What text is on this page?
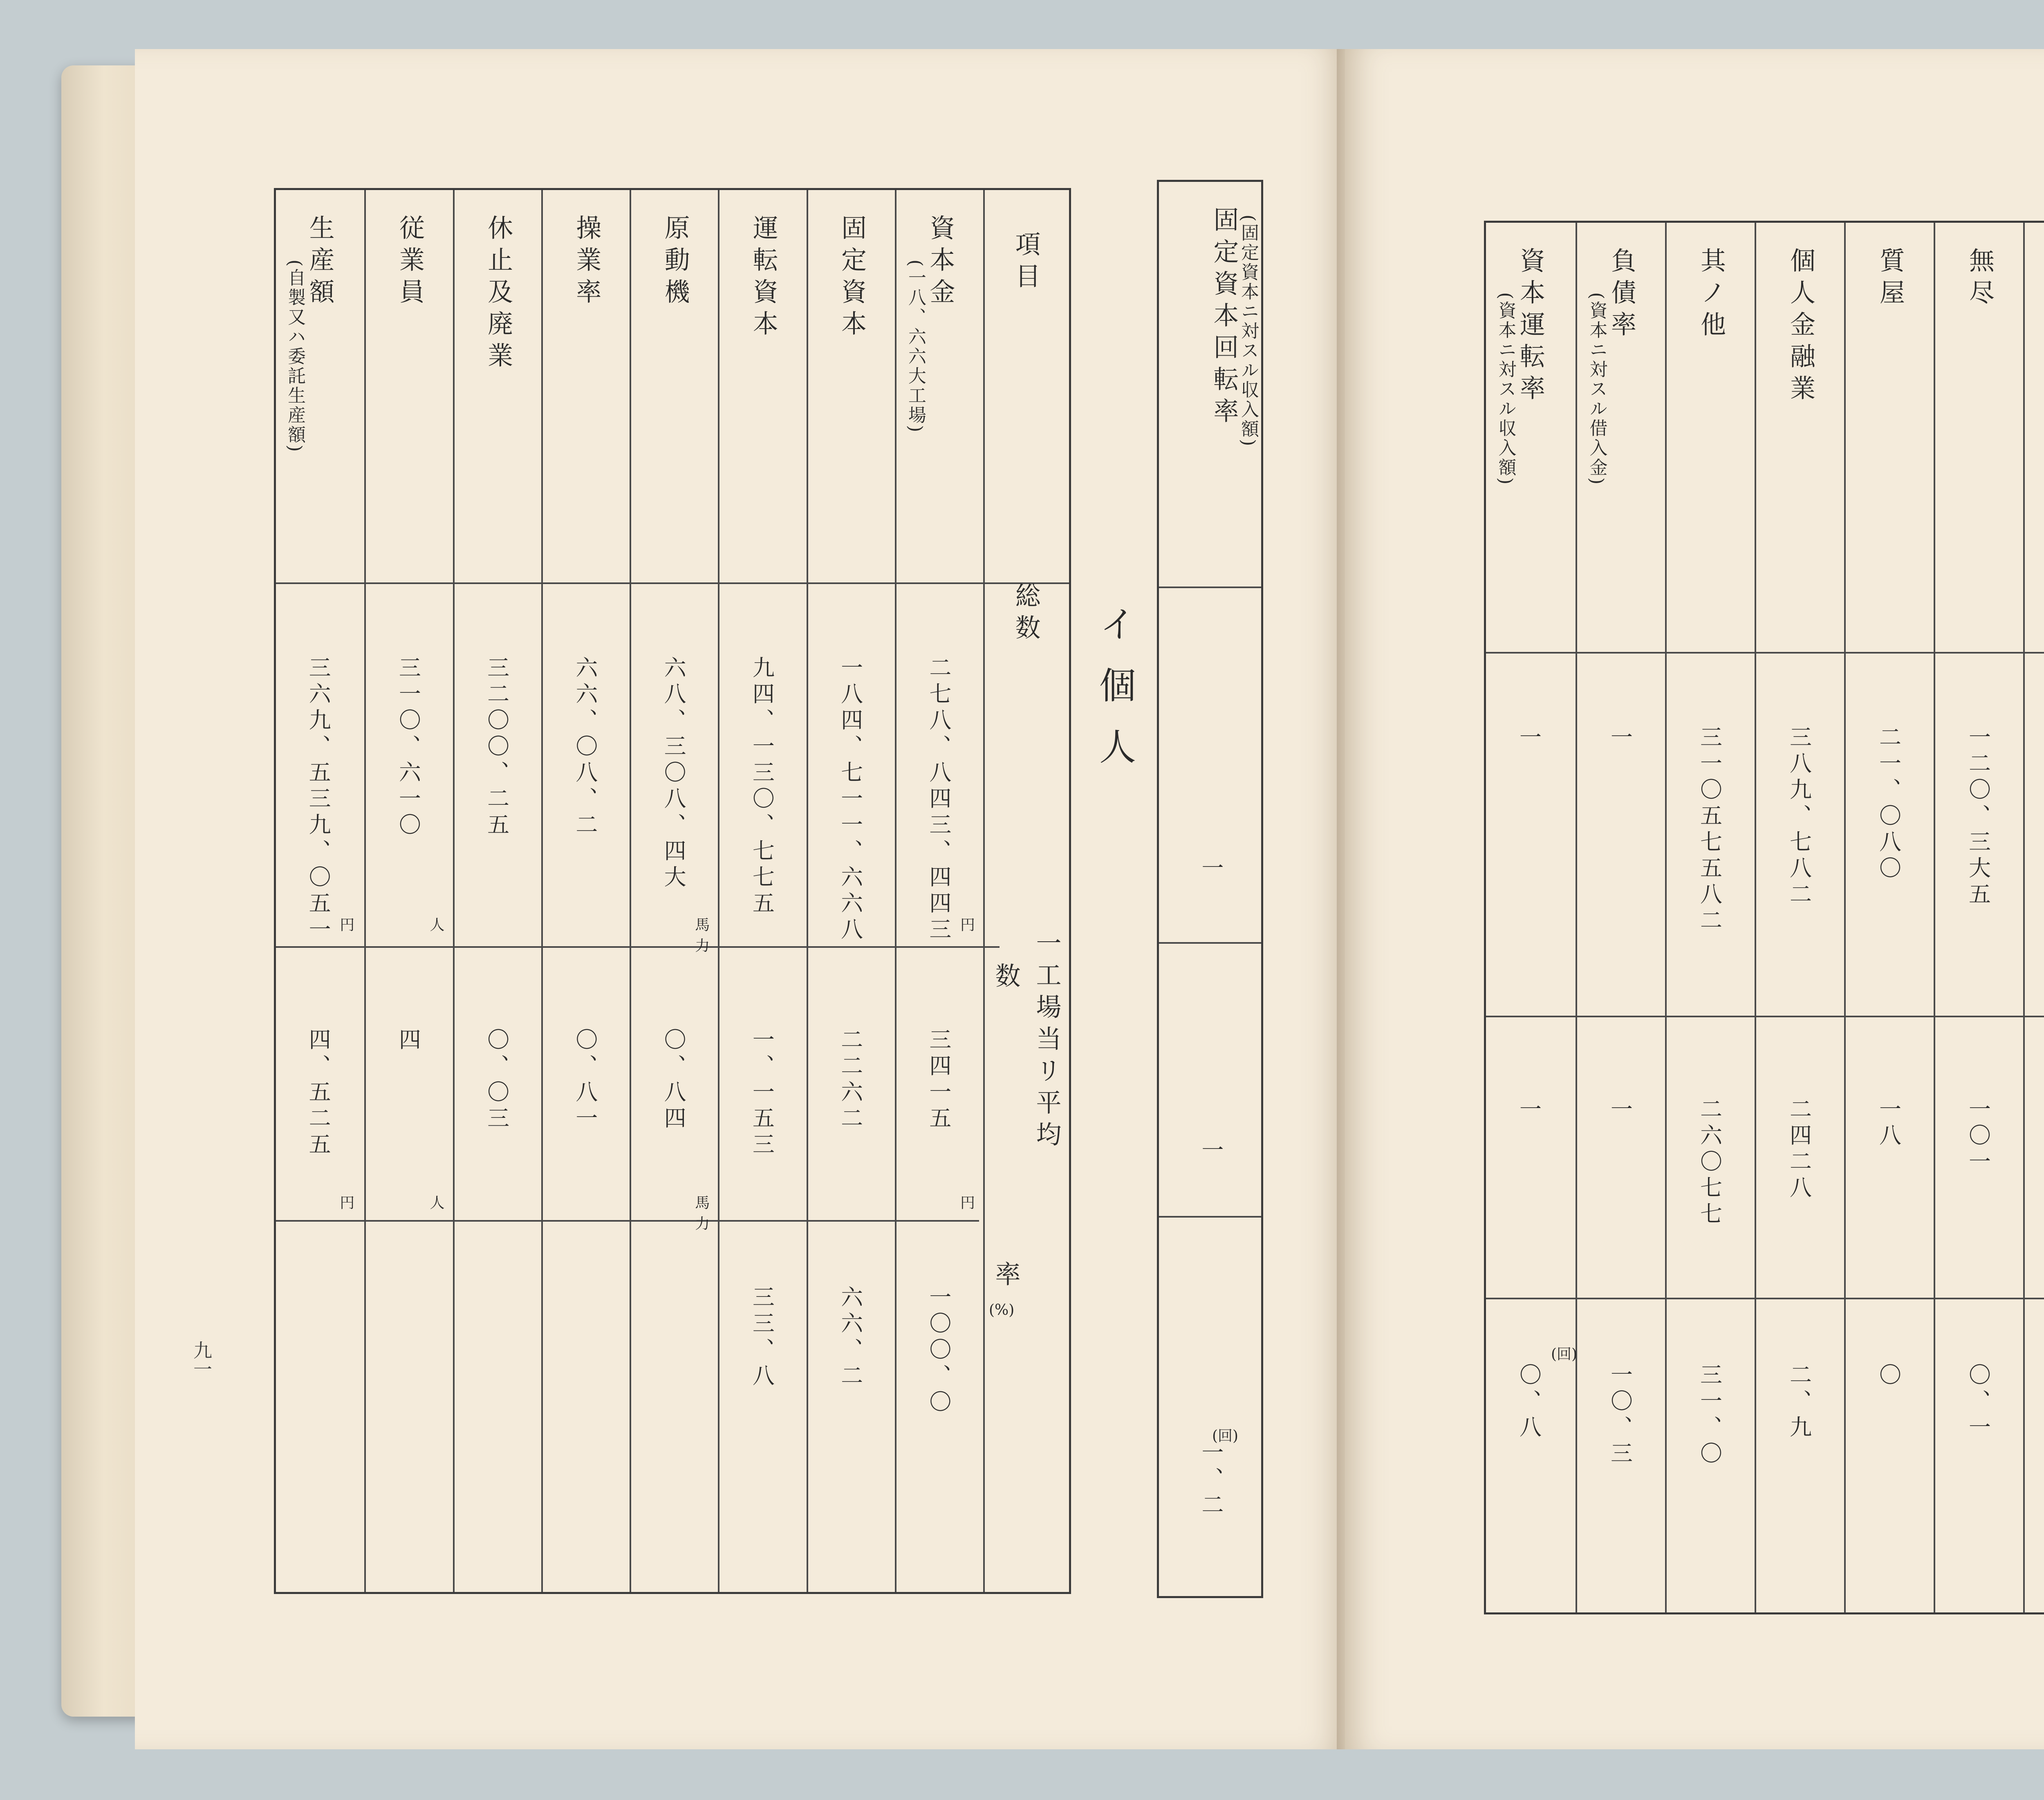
九一
項目
総数
一工場当リ平均
数
率
(%)
資本金
(一八、六六大工場)
二七八、八四三、四四三 円
三四一五
円
一〇〇、〇
固定資本
一八四、七一一、六六八
二二六二
六六、二
運転資本
九四、一三〇、七七五
一、一五三
三三、八
原動機
六八、三〇八、四大
馬力
〇、八四
馬力
操業率
六六、〇八、二
〇、八一
休止及廃業
三二〇〇、二五
〇、〇三
従業員
三一〇、六一〇
人
四
人
生産額
(自製又ハ委託生産額)
三六九、五三九、〇五一 円
四、五二五
円
イ個人
固定資本回転率
(固定資本ニ対スル収入額)
一
一
一、二
(回)
無尽
一二〇、三大五
一〇一
〇、一
質屋
二一、〇八〇
一八
〇
個人金融業
三八九、七八二
二四二八
二、九
其ノ他
三一〇五七五八二
二六〇七七
三一、〇
負債率
(資本ニ対スル借入金)
一
一
一〇、三
資本運転率
(資本ニ対スル収入額)
一
一
〇、八
(回)
